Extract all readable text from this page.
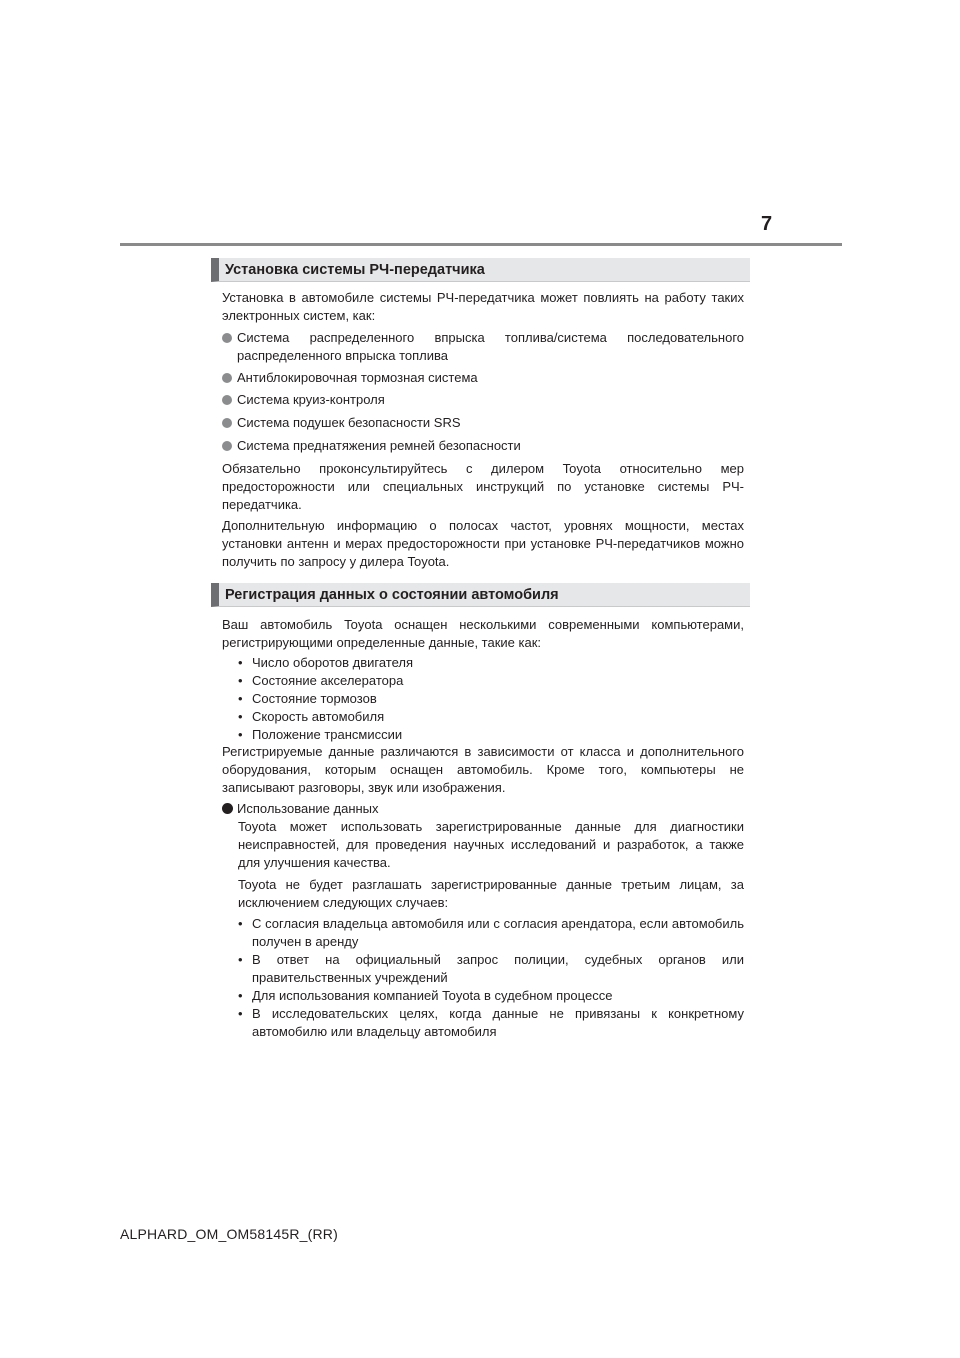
7
Установка системы РЧ-передатчика
Установка в автомобиле системы РЧ-передатчика может повлиять на работу таких электронных систем, как:
Система распределенного впрыска топлива/система последовательного распределенного впрыска топлива
Антиблокировочная тормозная система
Система круиз-контроля
Система подушек безопасности SRS
Система преднатяжения ремней безопасности
Обязательно проконсультируйтесь с дилером Toyota относительно мер предосторожности или специальных инструкций по установке системы РЧ-передатчика.
Дополнительную информацию о полосах частот, уровнях мощности, местах установки антенн и мерах предосторожности при установке РЧ-передатчиков можно получить по запросу у дилера Toyota.
Регистрация данных о состоянии автомобиля
Ваш автомобиль Toyota оснащен несколькими современными компьютерами, регистрирующими определенные данные, такие как:
• Число оборотов двигателя
• Состояние акселератора
• Состояние тормозов
• Скорость автомобиля
• Положение трансмиссии
Регистрируемые данные различаются в зависимости от класса и дополнительного оборудования, которым оснащен автомобиль. Кроме того, компьютеры не записывают разговоры, звук или изображения.
Использование данных
Toyota может использовать зарегистрированные данные для диагностики неисправностей, для проведения научных исследований и разработок, а также для улучшения качества.
Toyota не будет разглашать зарегистрированные данные третьим лицам, за исключением следующих случаев:
• С согласия владельца автомобиля или с согласия арендатора, если автомобиль получен в аренду
• В ответ на официальный запрос полиции, судебных органов или правительственных учреждений
• Для использования компанией Toyota в судебном процессе
• В исследовательских целях, когда данные не привязаны к конкретному автомобилю или владельцу автомобиля
ALPHARD_OM_OM58145R_(RR)
